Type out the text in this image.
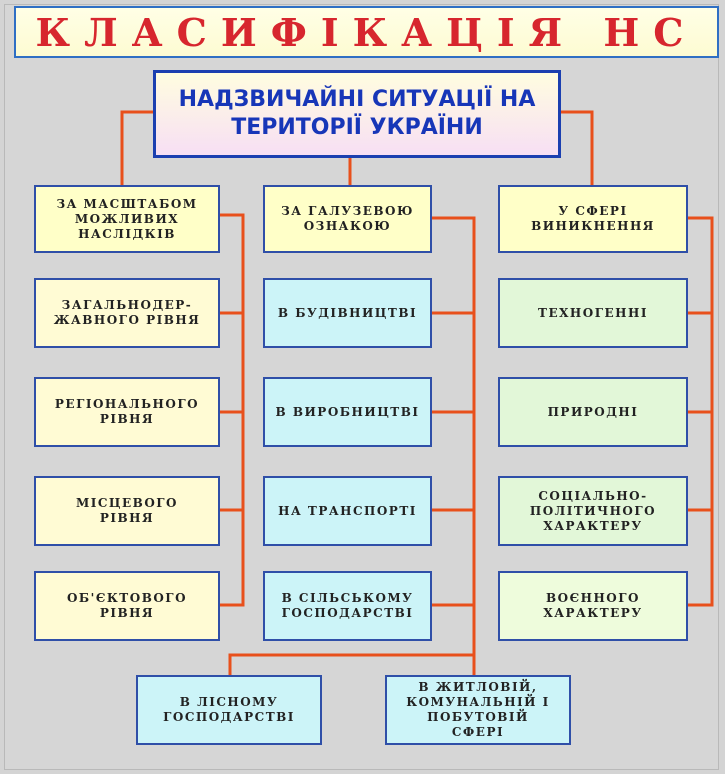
КЛАСИФІКАЦІЯ НС
НАДЗВИЧАЙНІ СИТУАЦІЇ НА
ТЕРИТОРІЇ УКРАЇНИ
ЗА МАСШТАБОМ
МОЖЛИВИХ
НАСЛІДКІВ
ЗАГАЛЬНОДЕР-
ЖАВНОГО РІВНЯ
РЕГІОНАЛЬНОГО
РІВНЯ
МІСЦЕВОГО
РІВНЯ
ОБ'ЄКТОВОГО
РІВНЯ
ЗА ГАЛУЗЕВОЮ
ОЗНАКОЮ
В БУДІВНИЦТВІ
В ВИРОБНИЦТВІ
НА ТРАНСПОРТІ
В СІЛЬСЬКОМУ
ГОСПОДАРСТВІ
У СФЕРІ
ВИНИКНЕННЯ
ТЕХНОГЕННІ
ПРИРОДНІ
СОЦІАЛЬНО-
ПОЛІТИЧНОГО
ХАРАКТЕРУ
ВОЄННОГО
ХАРАКТЕРУ
В ЛІСНОМУ
ГОСПОДАРСТВІ
В ЖИТЛОВІЙ,
КОМУНАЛЬНІЙ І
ПОБУТОВІЙ
СФЕРІ
